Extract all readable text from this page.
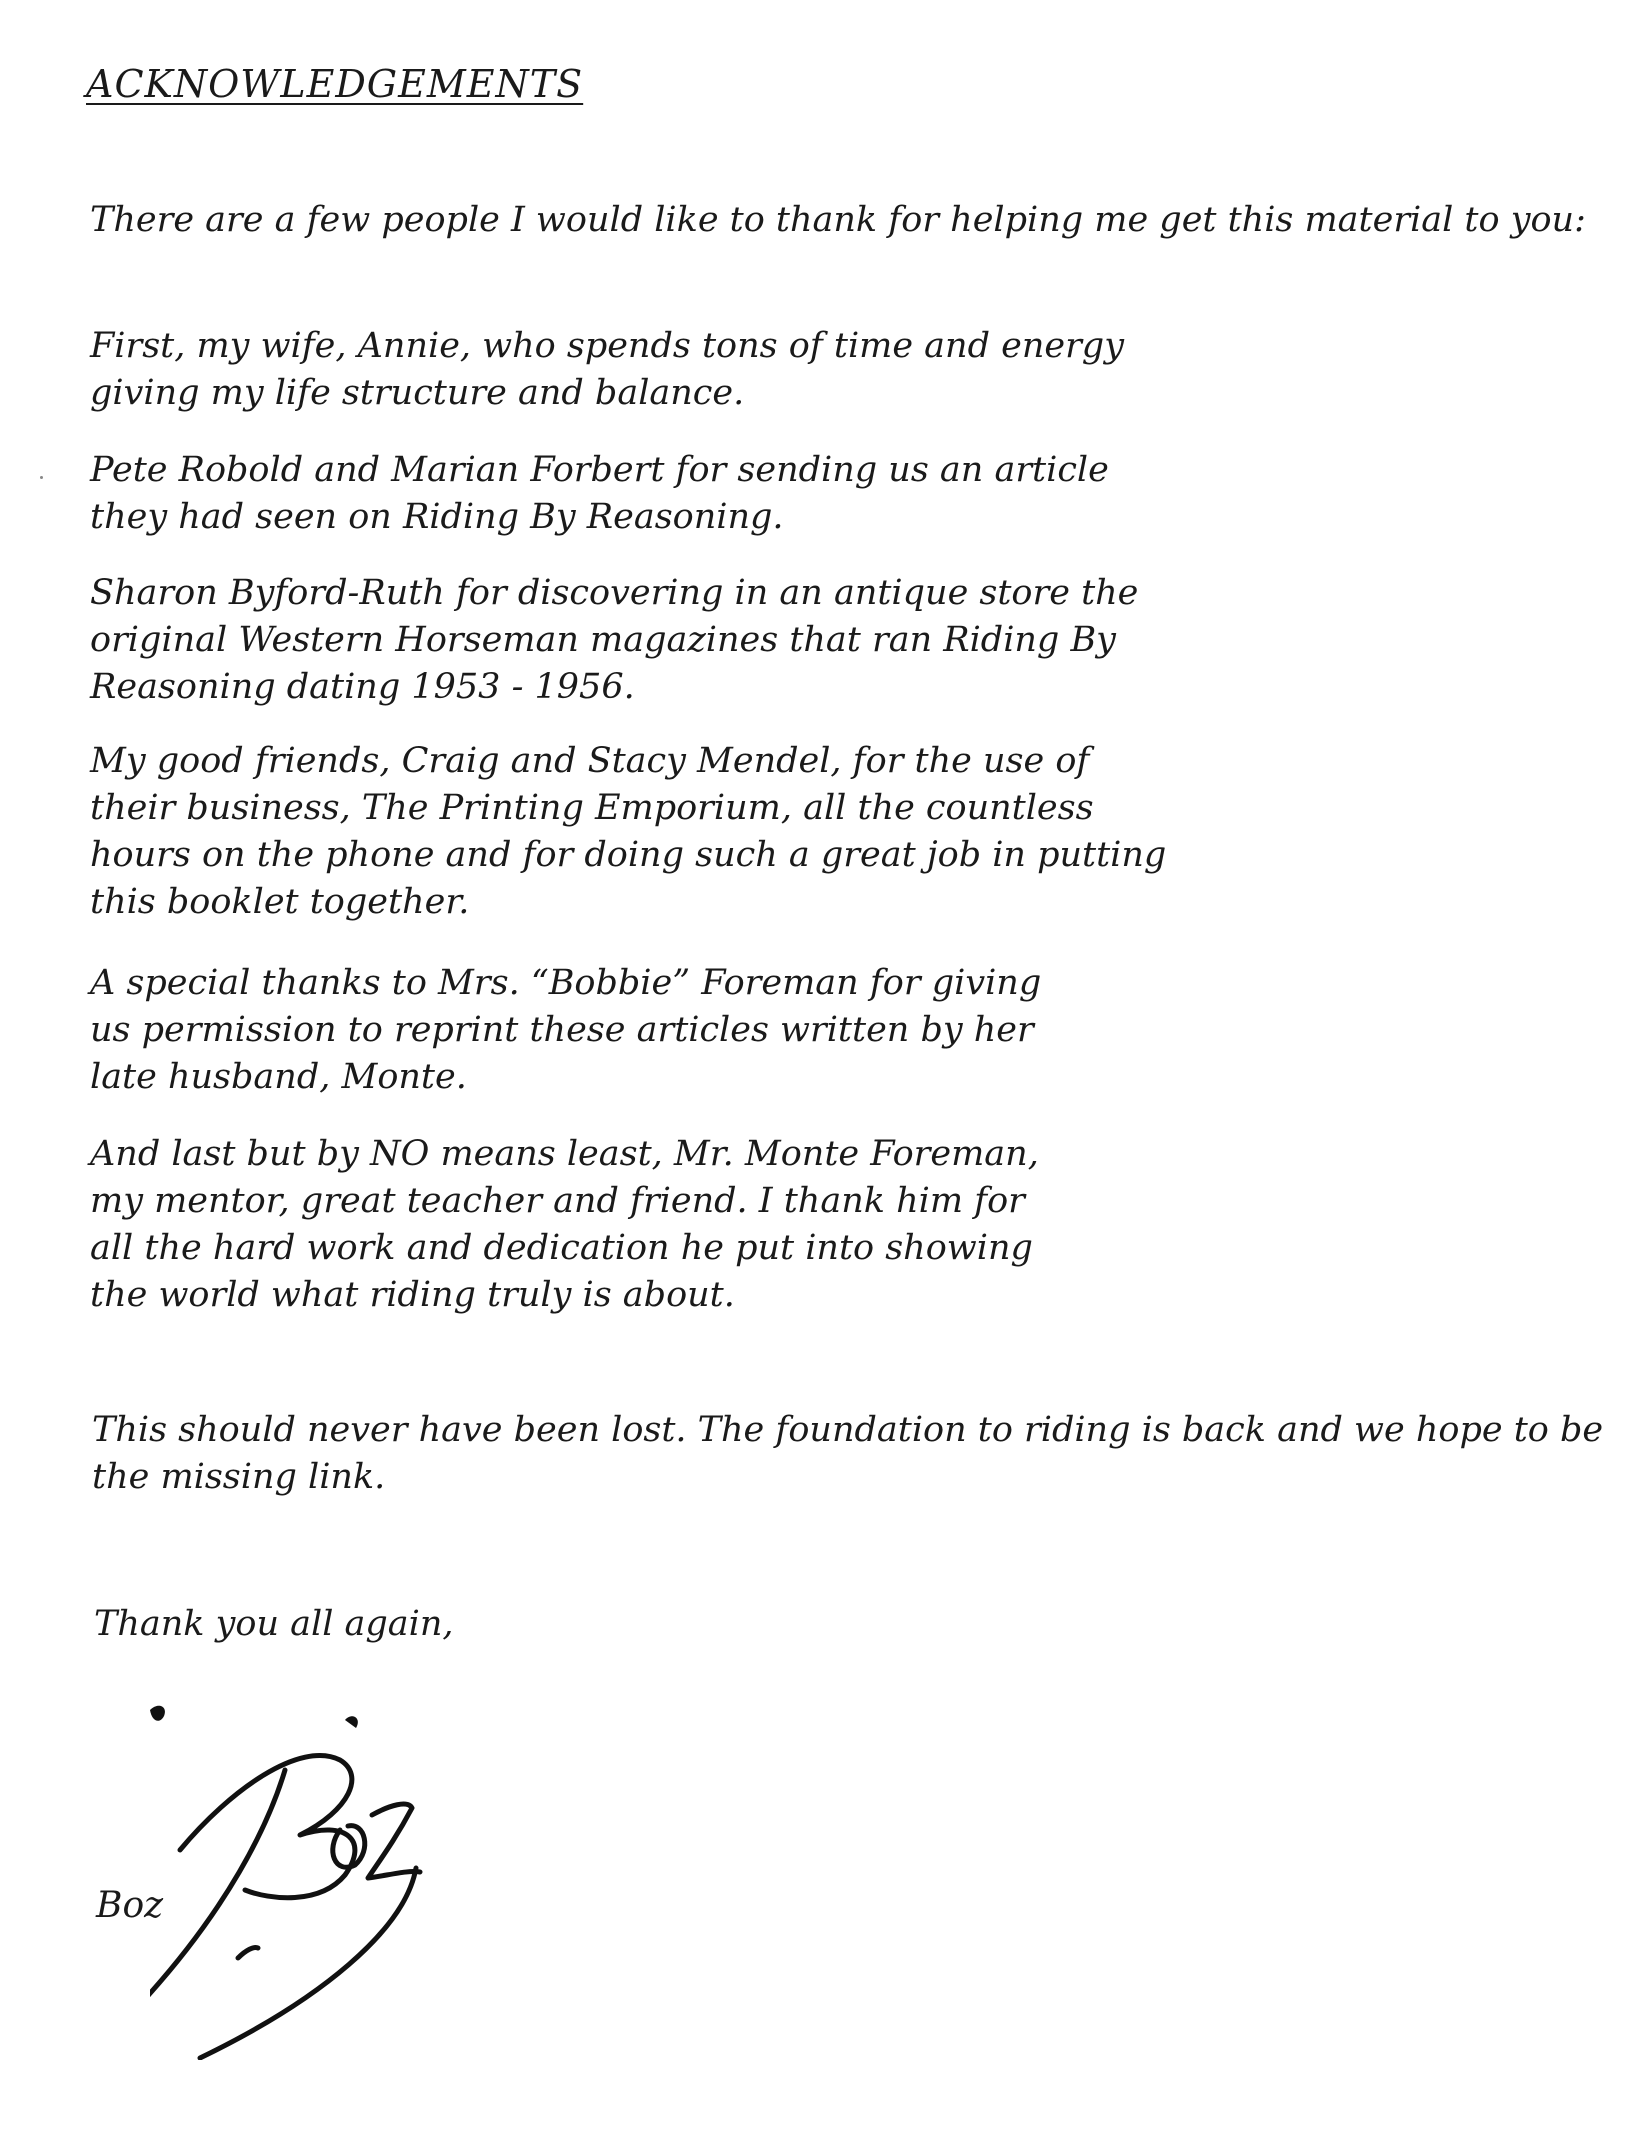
ACKNOWLEDGEMENTS

There are a few people I would like to thank for helping me get this material to you:

First, my wife, Annie, who spends tons of time and energy
giving my life structure and balance.

Pete Robold and Marian Forbert for sending us an article
they had seen on Riding By Reasoning.

Sharon Byford-Ruth for discovering in an antique store the
original Western Horseman magazines that ran Riding By
Reasoning dating 1953 - 1956.

My good friends, Craig and Stacy Mendel, for the use of
their business, The Printing Emporium, all the countless
hours on the phone and for doing such a great job in putting
this booklet together.

A special thanks to Mrs. “Bobbie” Foreman for giving
us permission to reprint these articles written by her
late husband, Monte.

And last but by NO means least, Mr. Monte Foreman,
my mentor, great teacher and friend. I thank him for
all the hard work and dedication he put into showing
the world what riding truly is about.

This should never have been lost. The foundation to riding is back and we hope to be
the missing link.

Thank you all again,

Boz
